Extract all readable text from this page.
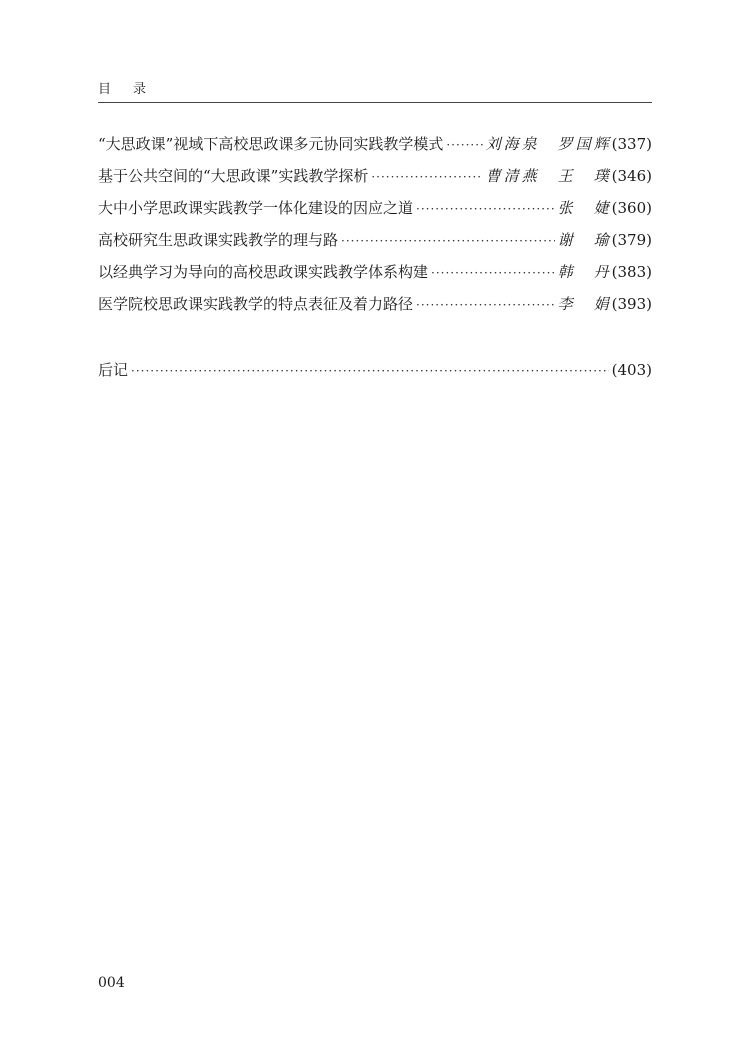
目 录
“大思政课”视域下高校思政课多元协同实践教学模式 ·····	刘海泉　罗国辉 (337)
基于公共空间的“大思政课”实践教学探析 ·····	曹清燕　王　璞 (346)
大中小学思政课实践教学一体化建设的因应之道 ·····	张　婕 (360)
高校研究生思政课实践教学的理与路 ·····	谢　瑜 (379)
以经典学习为导向的高校思政课实践教学体系构建 ·····	韩　丹 (383)
医学院校思政课实践教学的特点表征及着力路径 ·····	李　娟 (393)
后记 ·····	(403)
004
